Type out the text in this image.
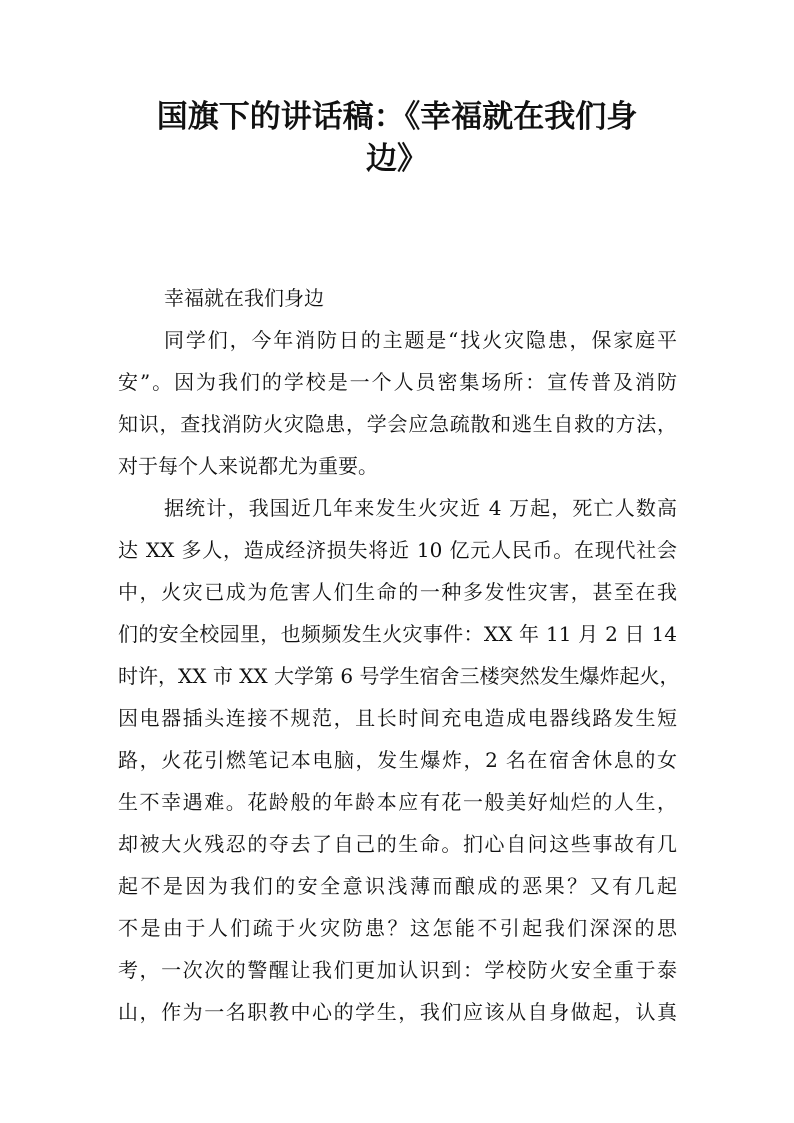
国旗下的讲话稿：《幸福就在我们身
边》
幸福就在我们身边
同学们，今年消防日的主题是“找火灾隐患，保家庭平
安”。因为我们的学校是一个人员密集场所：宣传普及消防
知识，查找消防火灾隐患，学会应急疏散和逃生自救的方法，
对于每个人来说都尤为重要。
据统计，我国近几年来发生火灾近 4 万起，死亡人数高
达 XX 多人，造成经济损失将近 10 亿元人民币。在现代社会
中，火灾已成为危害人们生命的一种多发性灾害，甚至在我
们的安全校园里，也频频发生火灾事件：XX 年 11 月 2 日 14
时许，XX 市 XX 大学第 6 号学生宿舍三楼突然发生爆炸起火，
因电器插头连接不规范，且长时间充电造成电器线路发生短
路，火花引燃笔记本电脑，发生爆炸，2 名在宿舍休息的女
生不幸遇难。花龄般的年龄本应有花一般美好灿烂的人生，
却被大火残忍的夺去了自己的生命。扪心自问这些事故有几
起不是因为我们的安全意识浅薄而酿成的恶果？又有几起
不是由于人们疏于火灾防患？这怎能不引起我们深深的思
考，一次次的警醒让我们更加认识到：学校防火安全重于泰
山，作为一名职教中心的学生，我们应该从自身做起，认真
